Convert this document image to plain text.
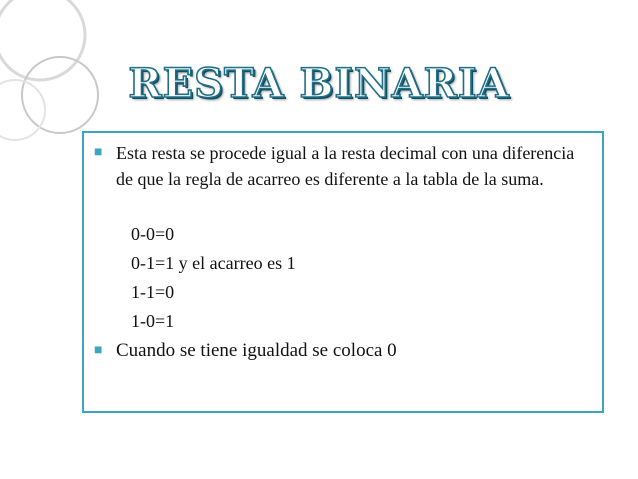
RESTA BINARIA
■ Esta resta se procede igual a la resta decimal con una diferencia de que la regla de acarreo es diferente a la tabla de la suma.

0-0=0
0-1=1 y el acarreo es 1
1-1=0
1-0=1
■ Cuando se tiene igualdad se coloca 0
